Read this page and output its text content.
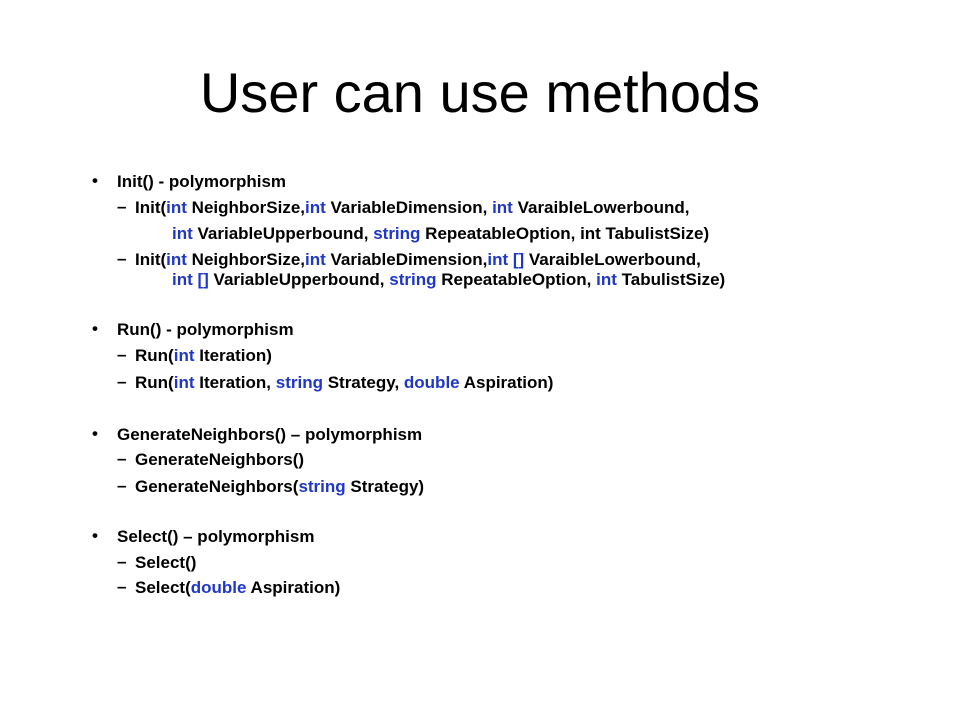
User can use methods
• Init() - polymorphism
– Init(int NeighborSize,int VariableDimension, int VaraibleLowerbound,
int VariableUpperbound, string RepeatableOption, int TabulistSize)
– Init(int NeighborSize,int VariableDimension,int [] VaraibleLowerbound,
int [] VariableUpperbound, string RepeatableOption, int TabulistSize)
• Run() - polymorphism
– Run(int Iteration)
– Run(int Iteration, string Strategy, double Aspiration)
• GenerateNeighbors() – polymorphism
– GenerateNeighbors()
– GenerateNeighbors(string Strategy)
• Select() – polymorphism
– Select()
– Select(double Aspiration)
